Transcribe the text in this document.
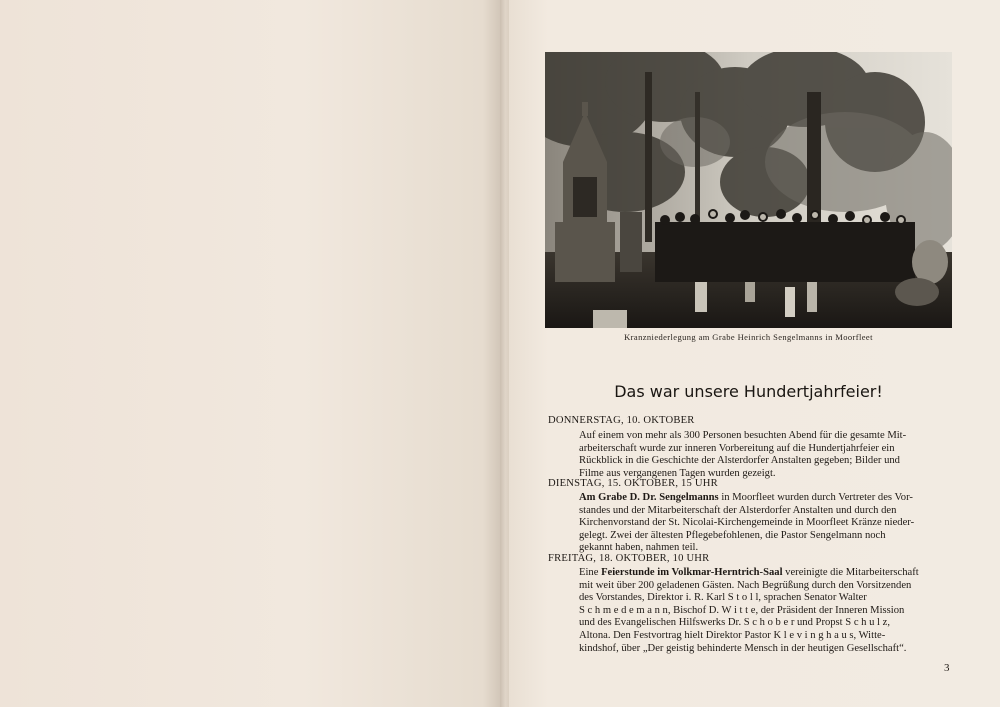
Kranzniederlegung am Grabe Heinrich Sengelmanns in Moorfleet
Das war unsere Hundertjahrfeier!
DONNERSTAG, 10. OKTOBER
Auf einem von mehr als 300 Personen besuchten Abend für die gesamte Mit-
arbeiterschaft wurde zur inneren Vorbereitung auf die Hundertjahrfeier ein
Rückblick in die Geschichte der Alsterdorfer Anstalten gegeben; Bilder und
Filme aus vergangenen Tagen wurden gezeigt.
DIENSTAG, 15. OKTOBER, 15 UHR
Am Grabe D. Dr. Sengelmanns in Moorfleet wurden durch Vertreter des Vor-
standes und der Mitarbeiterschaft der Alsterdorfer Anstalten und durch den
Kirchenvorstand der St. Nicolai-Kirchengemeinde in Moorfleet Kränze nieder-
gelegt. Zwei der ältesten Pflegebefohlenen, die Pastor Sengelmann noch
gekannt haben, nahmen teil.
FREITAG, 18. OKTOBER, 10 UHR
Eine Feierstunde im Volkmar-Herntrich-Saal vereinigte die Mitarbeiterschaft
mit weit über 200 geladenen Gästen. Nach Begrüßung durch den Vorsitzenden
des Vorstandes, Direktor i. R. Karl S t o l l, sprachen Senator Walter
S c h m e d e m a n n, Bischof D. W i t t e, der Präsident der Inneren Mission
und des Evangelischen Hilfswerks Dr. S c h o b e r und Propst S c h u l z,
Altona. Den Festvortrag hielt Direktor Pastor K l e v i n g h a u s, Witte-
kindshof, über „Der geistig behinderte Mensch in der heutigen Gesellschaft“.
3
